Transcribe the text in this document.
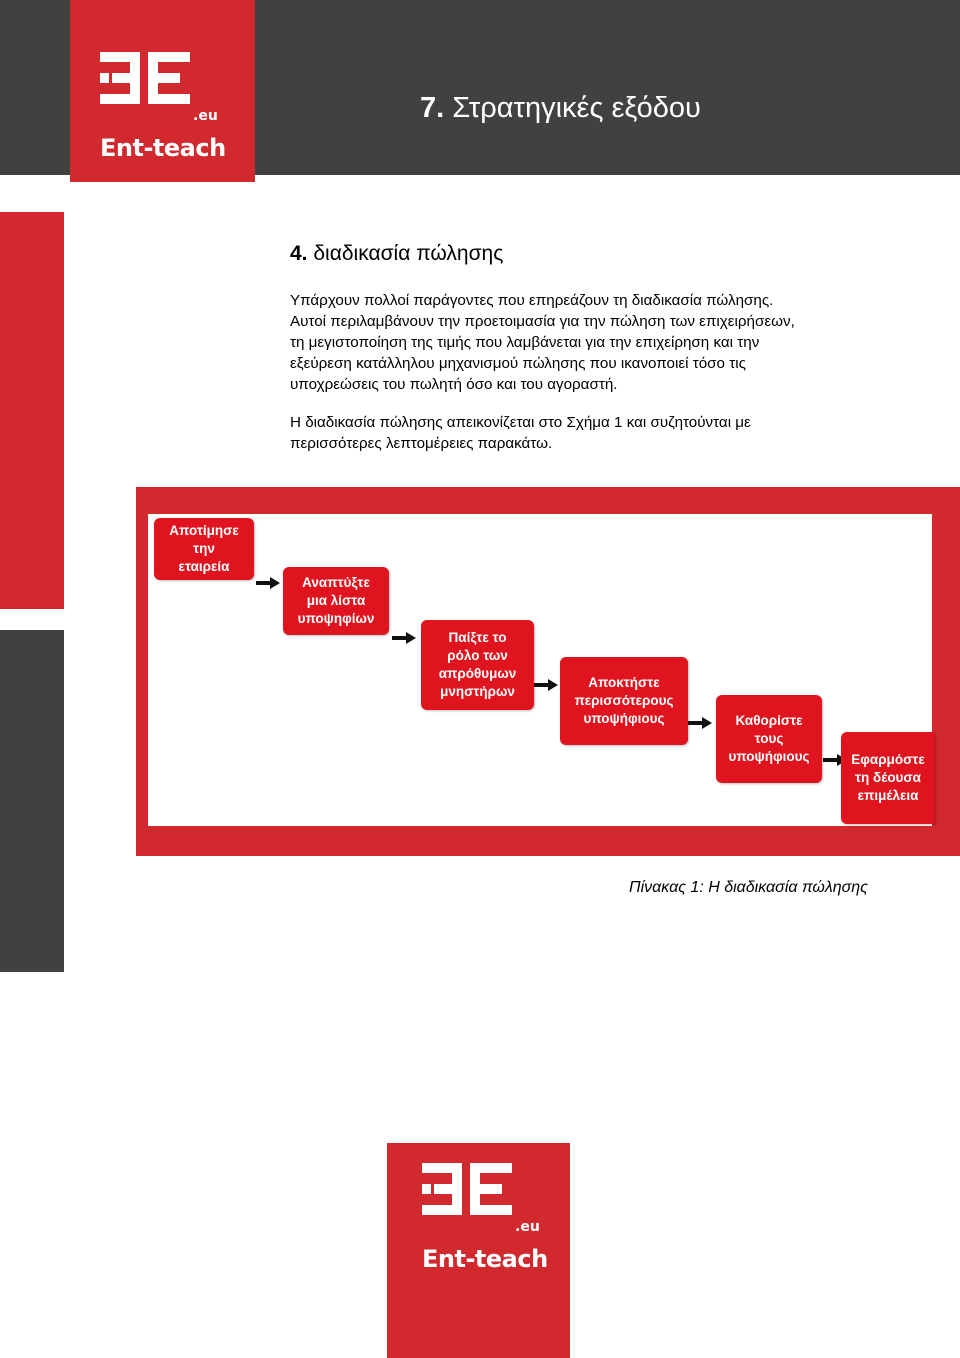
.eu
Ent-teach
7. Στρατηγικές εξόδου
4. διαδικασία πώλησης

Υπάρχουν πολλοί παράγοντες που επηρεάζουν τη διαδικασία πώλησης.
Αυτοί περιλαμβάνουν την προετοιμασία για την πώληση των επιχειρήσεων,
τη μεγιστοποίηση της τιμής που λαμβάνεται για την επιχείρηση και την
εξεύρεση κατάλληλου μηχανισμού πώλησης που ικανοποιεί τόσο τις
υποχρεώσεις του πωλητή όσο και του αγοραστή.

Η διαδικασία πώλησης απεικονίζεται στο Σχήμα 1 και συζητούνται με
περισσότερες λεπτομέρειες παρακάτω.

Αποτίμησε
την
εταιρεία
Αναπτύξτε
μια λίστα
υποψηφίων
Παίξτε το
ρόλο των
απρόθυμων
μνηστήρων
Αποκτήστε
περισσότερους
υποψήφιους	Καθορίστε
τους
υποψήφιους	Εφαρμόστε
τη δέουσα
επιμέλεια

Πίνακας 1: Η διαδικασία πώλησης

.eu
Ent-teach
